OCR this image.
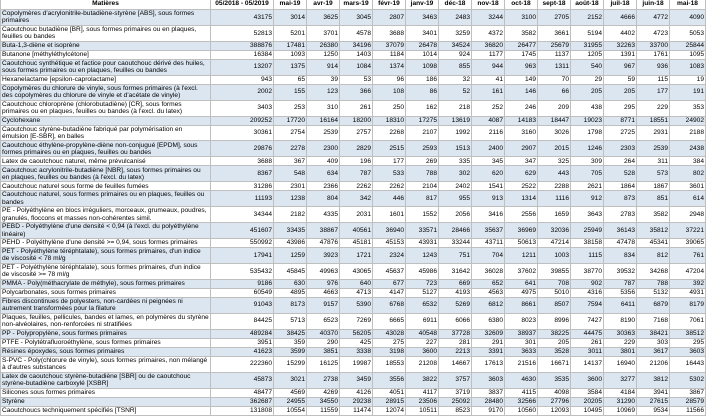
Matières	05/2018 - 05/2019	mai-19	avr-19	mars-19	févr-19	janv-19	déc-18	nov-18	oct-18	sept-18	août-18	juil-18	juin-18	mai-18	
Copolymères d'acrylonitrile-butadiène-styrène [ABS], sous formes primaires	43175	3014	3625	3045	2807	3463	2483	3244	3100	2705	2152	4666	4772	4090	
Caoutchouc butadiène [BR], sous formes primaires ou en plaques, feuilles ou bandes	52813	5201	3701	4578	3688	3401	3259	4372	3582	3661	5194	4402	4723	5053	
Buta-1,3-diène et isoprène	388876	17481	26380	34196	37079	26478	34524	36820	26477	25679	31955	32263	33700	25844	
Butanone [méthyléthylcétone]	16384	1093	1250	1403	1184	1014	924	1177	1745	1137	1205	1391	1761	1095	
Caoutchouc synthétique et factice pour caoutchouc dérivé des huiles, sous formes primaires ou en plaques, feuilles ou bandes	13207	1375	914	1084	1374	1098	855	944	963	1311	540	967	936	1083	
Hexanelactame [epsilon-caprolactame]	943	65	39	53	96	186	32	41	149	70	29	59	115	19	
Copolymères du chlorure de vinyle, sous formes primaires (à l'excl. des copolymères du chlorure de vinyle et d'acétate de vinyle)	2002	155	123	366	108	86	52	161	146	66	205	205	177	191	
Caoutchouc chloroprène (chlorobutadiène) [CR], sous formes primaires ou en plaques, feuilles ou bandes (à l'excl. du latex)	3403	253	310	261	250	162	218	252	246	209	438	295	229	353	
Cyclohexane	209252	17720	16164	18200	18310	17275	13619	4087	14183	18447	19023	8771	18551	24902	
Caoutchouc styrène-butadiène fabriqué par polymérisation en émulsion [E-SBR], en balles	30361	2754	2539	2757	2268	2107	1992	2116	3160	3026	1798	2725	2931	2188	
Caoutchouc éthylène-propylène-diène non-conjugué [EPDM], sous formes primaires ou en plaques, feuilles ou bandes	29876	2278	2300	2829	2515	2593	1513	2400	2907	2015	1246	2303	2539	2438	
Latex de caoutchouc naturel, même prévulcanisé	3688	367	409	196	177	269	335	345	347	325	309	264	311	384	
Caoutchouc acrylonitrile-butadiène [NBR], sous formes primaires ou en plaques, feuilles ou bandes (à l'excl. du latex)	8367	548	634	787	533	788	302	620	629	443	705	528	573	802	
Caoutchouc naturel sous forme de feuilles fumées	31286	2301	2366	2262	2262	2104	2402	1541	2522	2288	2621	1864	1867	3601	
Caoutchouc naturel, sous formes primaires ou en plaques, feuilles ou bandes	11193	1238	804	342	446	817	955	913	1314	1116	912	873	851	614	
PE - Polyéthylène en blocs irréguliers, morceaux, grumeaux, poudres, granulés, floccons et masses non-cohérentes simil.	34344	2182	4335	2031	1601	1552	2056	3416	2556	1659	3643	2783	3582	2948	
PEBD - Polyéthylène d'une densité < 0,94 (à l'excl. du polyéthylène linéaire)	451607	33435	38867	40561	36940	33571	28466	35637	36969	32036	25949	36143	35812	37221	
PEHD - Polyéthylène d'une densité >= 0,94, sous formes primaires	550992	43986	47876	45181	45153	43931	33244	43711	50613	47214	38158	47478	45341	39065	
PET - Polyéthylène téréphtalate), sous formes primaires, d'un indice de viscosité < 78 ml/g	17941	1259	3923	1721	2324	1243	751	704	1211	1003	1115	834	812	761	
PET - Polyéthylène téréphtalate), sous formes primaires, d'un indice de viscosité >= 78 ml/g	535432	45845	49963	43065	45637	45986	31642	36028	37602	39855	38770	39532	34268	47204	
PMMA - Poly(méthacrylate de méthyle), sous formes primaires	9186	630	976	640	677	723	669	652	641	708	902	787	788	392	
Polycarbonates, sous formes primaires	60549	4895	4663	4713	4147	5127	4193	4563	4975	5010	4316	5356	5132	4931	
Fibres discontinues de polyesters, non-cardées ni peignées ni autrement transformées pour la filature	91043	8173	9157	5390	6768	6532	5269	6812	8661	8507	7594	6411	6879	8179	
Plaques, feuilles, pellicules, bandes et lames, en polymères du styrène non-alvéolaires, non-renforcées ni stratifiées	84425	5713	6523	7269	6665	6911	6066	6380	8023	8996	7427	8190	7168	7061	
PP - Polypropylène, sous formes primaires	489284	38425	40370	56205	43028	40548	37728	32609	38937	38225	44475	30363	38421	38512	
PTFE - Polytétrafluoroéthylène, sous formes primaires	3951	359	290	425	275	227	281	291	301	205	261	229	303	295	
Résines époxydes, sous formes primaires	41623	3599	3851	3338	3198	3600	2213	3391	3633	3528	3011	3801	3617	3603	
S-PVC - Poly(chlorure de vinyle), sous formes primaires, non mélangé à d'autres substances	222360	15299	16125	19987	18553	21208	14667	17613	21516	16671	14137	16940	21206	16443	
Latex de caoutchouc styrène-butadiène [SBR] ou de caoutchouc styrène-butadiène carboxylé [XSBR]	45873	3021	2738	3459	3556	3822	3757	3603	4630	3535	3600	3277	3812	5302	
Silicones sous formes primaires	48477	4569	4269	4126	4051	4117	3719	3837	4115	4098	3584	4184	3941	3867	
Styrène	362687	24955	34550	29238	28915	23506	25092	28480	32566	27796	20205	31290	27615	28579	
Caoutchoucs techniquement spécifiés [TSNR]	131808	10554	11559	11474	12074	10511	8523	9170	10560	12093	10495	10969	9534	11566	
